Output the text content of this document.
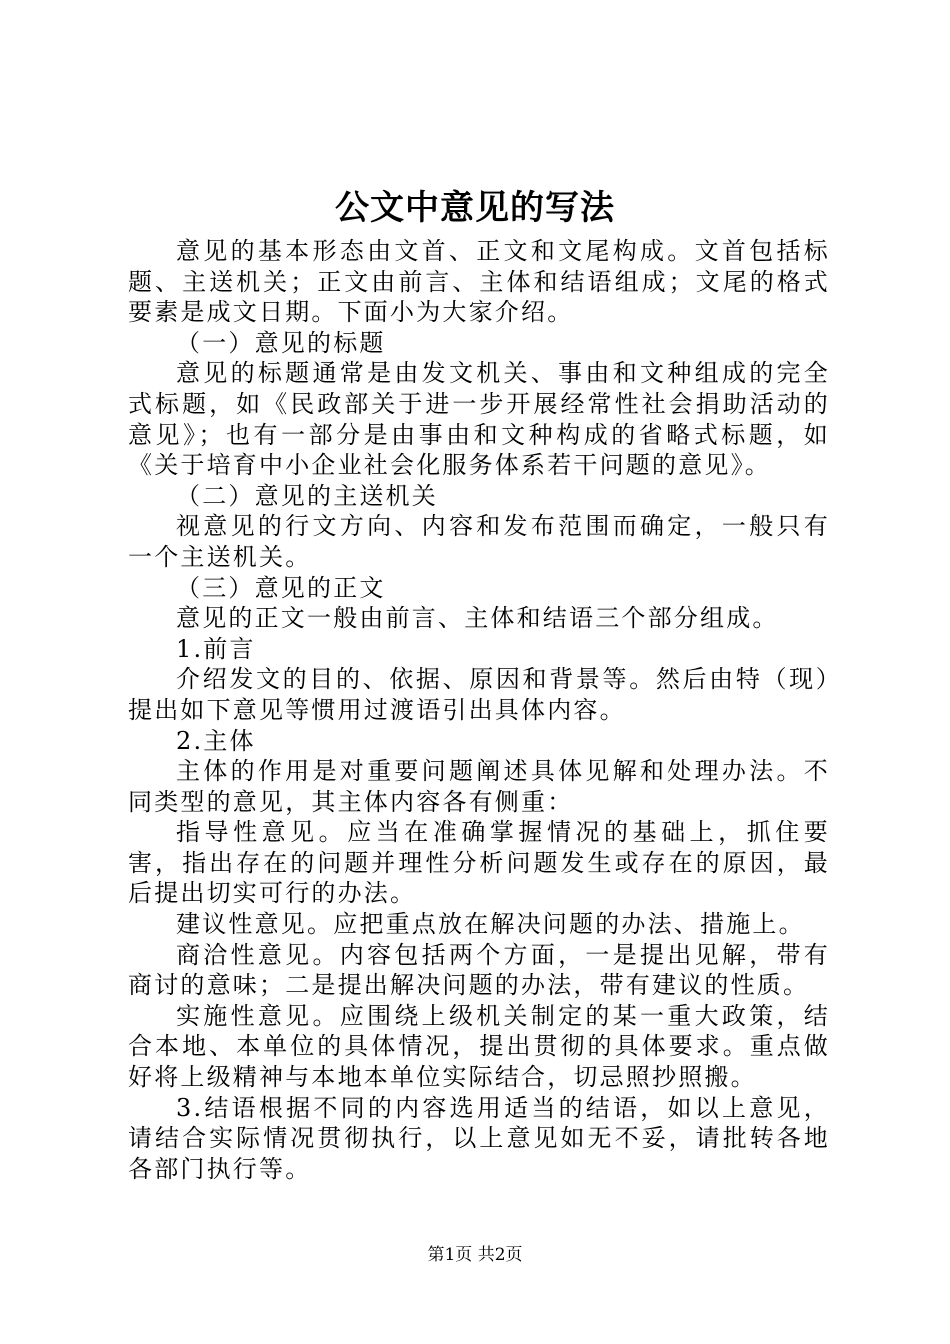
公文中意见的写法

意见的基本形态由文首、正文和文尾构成。文首包括标题、主送机关；正文由前言、主体和结语组成；文尾的格式要素是成文日期。下面小为大家介绍。

（一）意见的标题

意见的标题通常是由发文机关、事由和文种组成的完全式标题，如《民政部关于进一步开展经常性社会捐助活动的意见》；也有一部分是由事由和文种构成的省略式标题，如《关于培育中小企业社会化服务体系若干问题的意见》。

（二）意见的主送机关

视意见的行文方向、内容和发布范围而确定，一般只有一个主送机关。

（三）意见的正文

意见的正文一般由前言、主体和结语三个部分组成。

1.前言

介绍发文的目的、依据、原因和背景等。然后由特（现）提出如下意见等惯用过渡语引出具体内容。

2.主体

主体的作用是对重要问题阐述具体见解和处理办法。不同类型的意见，其主体内容各有侧重：

指导性意见。应当在准确掌握情况的基础上，抓住要害，指出存在的问题并理性分析问题发生或存在的原因，最后提出切实可行的办法。

建议性意见。应把重点放在解决问题的办法、措施上。

商洽性意见。内容包括两个方面，一是提出见解，带有商讨的意味；二是提出解决问题的办法，带有建议的性质。

实施性意见。应围绕上级机关制定的某一重大政策，结合本地、本单位的具体情况，提出贯彻的具体要求。重点做好将上级精神与本地本单位实际结合，切忌照抄照搬。

3.结语根据不同的内容选用适当的结语，如以上意见，请结合实际情况贯彻执行，以上意见如无不妥，请批转各地各部门执行等。

第1页 共2页
